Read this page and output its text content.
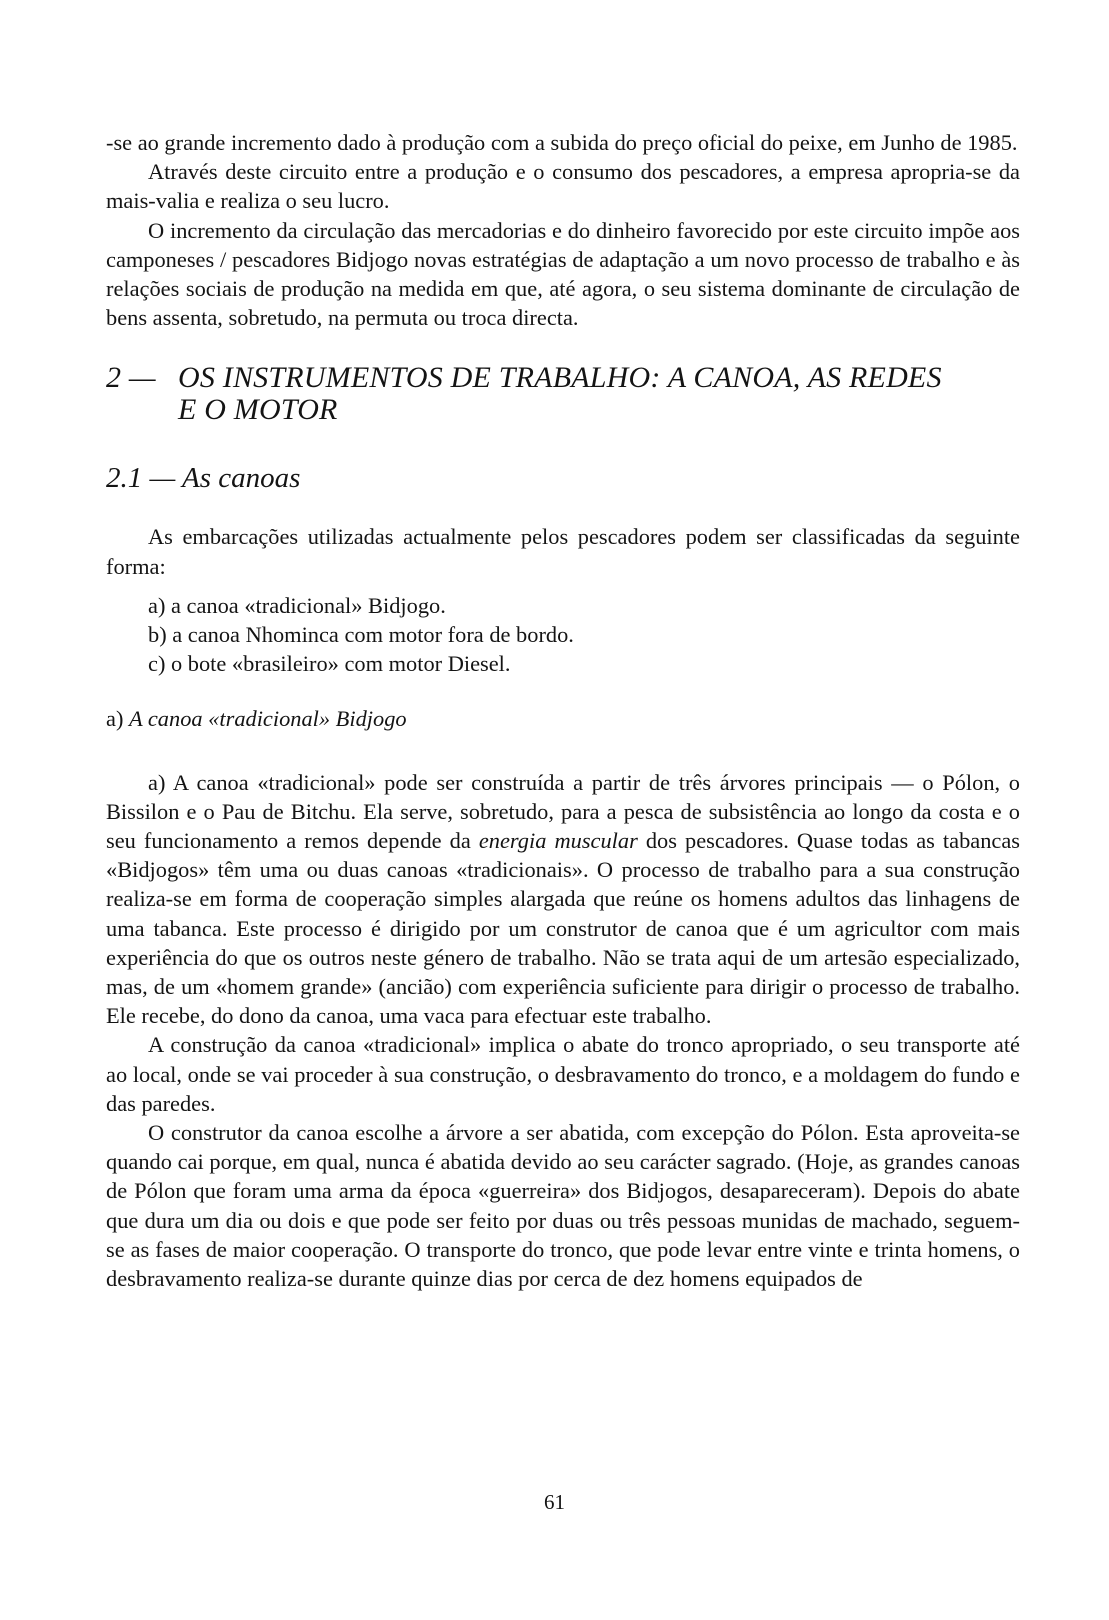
-se ao grande incremento dado à produção com a subida do preço oficial do peixe, em Junho de 1985.

Através deste circuito entre a produção e o consumo dos pescadores, a empresa apropria-se da mais-valia e realiza o seu lucro.

O incremento da circulação das mercadorias e do dinheiro favorecido por este circuito impõe aos camponeses / pescadores Bidjogo novas estratégias de adaptação a um novo processo de trabalho e às relações sociais de produção na medida em que, até agora, o seu sistema dominante de circulação de bens assenta, sobretudo, na permuta ou troca directa.

2 — OS INSTRUMENTOS DE TRABALHO: A CANOA, AS REDES
E O MOTOR
2.1 — As canoas

As embarcações utilizadas actualmente pelos pescadores podem ser classificadas da seguinte forma:

a) a canoa «tradicional» Bidjogo.

b) a canoa Nhominca com motor fora de bordo.

c) o bote «brasileiro» com motor Diesel.

a) A canoa «tradicional» Bidjogo

a) A canoa «tradicional» pode ser construída a partir de três árvores principais — o Pólon, o Bissilon e o Pau de Bitchu. Ela serve, sobretudo, para a pesca de subsistência ao longo da costa e o seu funcionamento a remos depende da energia muscular dos pescadores. Quase todas as tabancas «Bidjogos» têm uma ou duas canoas «tradicionais». O processo de trabalho para a sua construção realiza-se em forma de cooperação simples alargada que reúne os homens adultos das linhagens de uma tabanca. Este processo é dirigido por um construtor de canoa que é um agricultor com mais experiência do que os outros neste género de trabalho. Não se trata aqui de um artesão especializado, mas, de um «homem grande» (ancião) com experiência suficiente para dirigir o processo de trabalho. Ele recebe, do dono da canoa, uma vaca para efectuar este trabalho.

A construção da canoa «tradicional» implica o abate do tronco apropriado, o seu transporte até ao local, onde se vai proceder à sua construção, o desbravamento do tronco, e a moldagem do fundo e das paredes.

O construtor da canoa escolhe a árvore a ser abatida, com excepção do Pólon. Esta aproveita-se quando cai porque, em qual, nunca é abatida devido ao seu carácter sagrado. (Hoje, as grandes canoas de Pólon que foram uma arma da época «guerreira» dos Bidjogos, desapareceram). Depois do abate que dura um dia ou dois e que pode ser feito por duas ou três pessoas munidas de machado, seguem-se as fases de maior cooperação. O transporte do tronco, que pode levar entre vinte e trinta homens, o desbravamento realiza-se durante quinze dias por cerca de dez homens equipados de

61
